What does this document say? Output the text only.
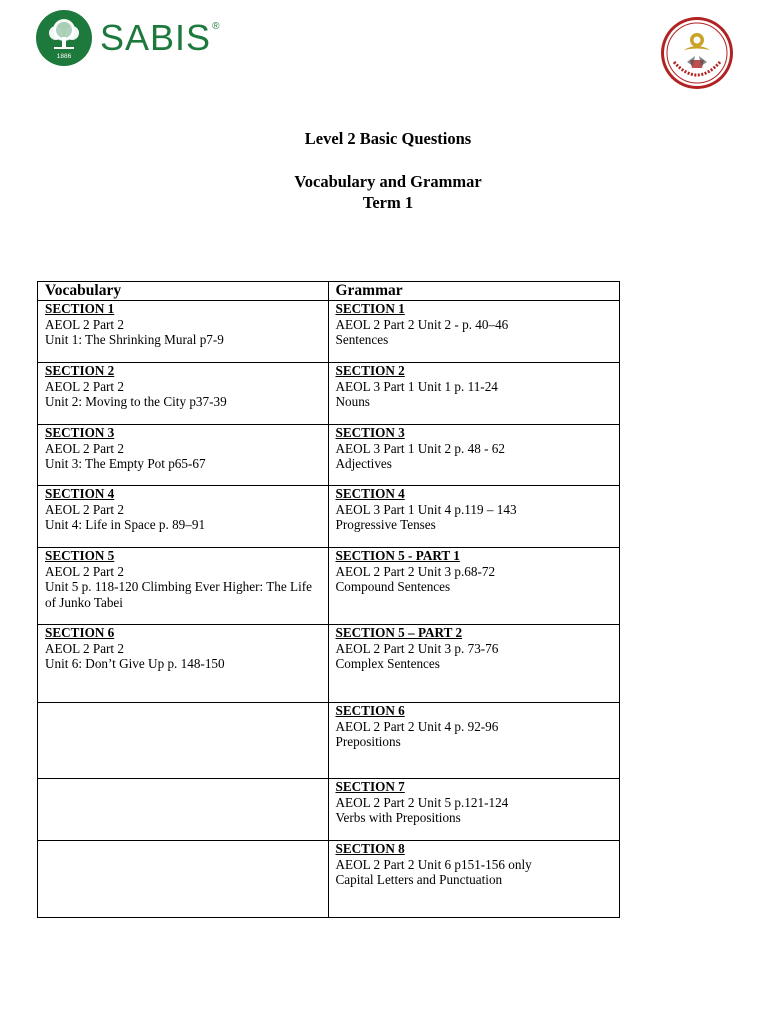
1886 SABIS®
Level 2 Basic Questions
Vocabulary and Grammar
Term 1
Vocabulary	Grammar

SECTION 1
AEOL 2 Part 2
Unit 1: The Shrinking Mural p7-9	SECTION 1
AEOL 2 Part 2 Unit 2 - p. 40–46
Sentences

SECTION 2
AEOL 2 Part 2
Unit 2: Moving to the City p37-39	SECTION 2
AEOL 3 Part 1 Unit 1 p. 11-24
Nouns

SECTION 3
AEOL 2 Part 2
Unit 3: The Empty Pot p65-67	SECTION 3
AEOL 3 Part 1 Unit 2 p. 48 - 62
Adjectives

SECTION 4
AEOL 2 Part 2
Unit 4: Life in Space p. 89–91	SECTION 4
AEOL 3 Part 1 Unit 4 p.119 – 143
Progressive Tenses

SECTION 5
AEOL 2 Part 2
Unit 5 p. 118-120 Climbing Ever Higher: The Life of Junko Tabei	SECTION 5 - PART 1
AEOL 2 Part 2 Unit 3 p.68-72
Compound Sentences

SECTION 6
AEOL 2 Part 2
Unit 6: Don’t Give Up p. 148-150	SECTION 5 – PART 2
AEOL 2 Part 2 Unit 3 p. 73-76
Complex Sentences

	SECTION 6
AEOL 2 Part 2 Unit 4 p. 92-96
Prepositions

	SECTION 7
AEOL 2 Part 2 Unit 5 p.121-124
Verbs with Prepositions

	SECTION 8
AEOL 2 Part 2 Unit 6 p151-156 only
Capital Letters and Punctuation
